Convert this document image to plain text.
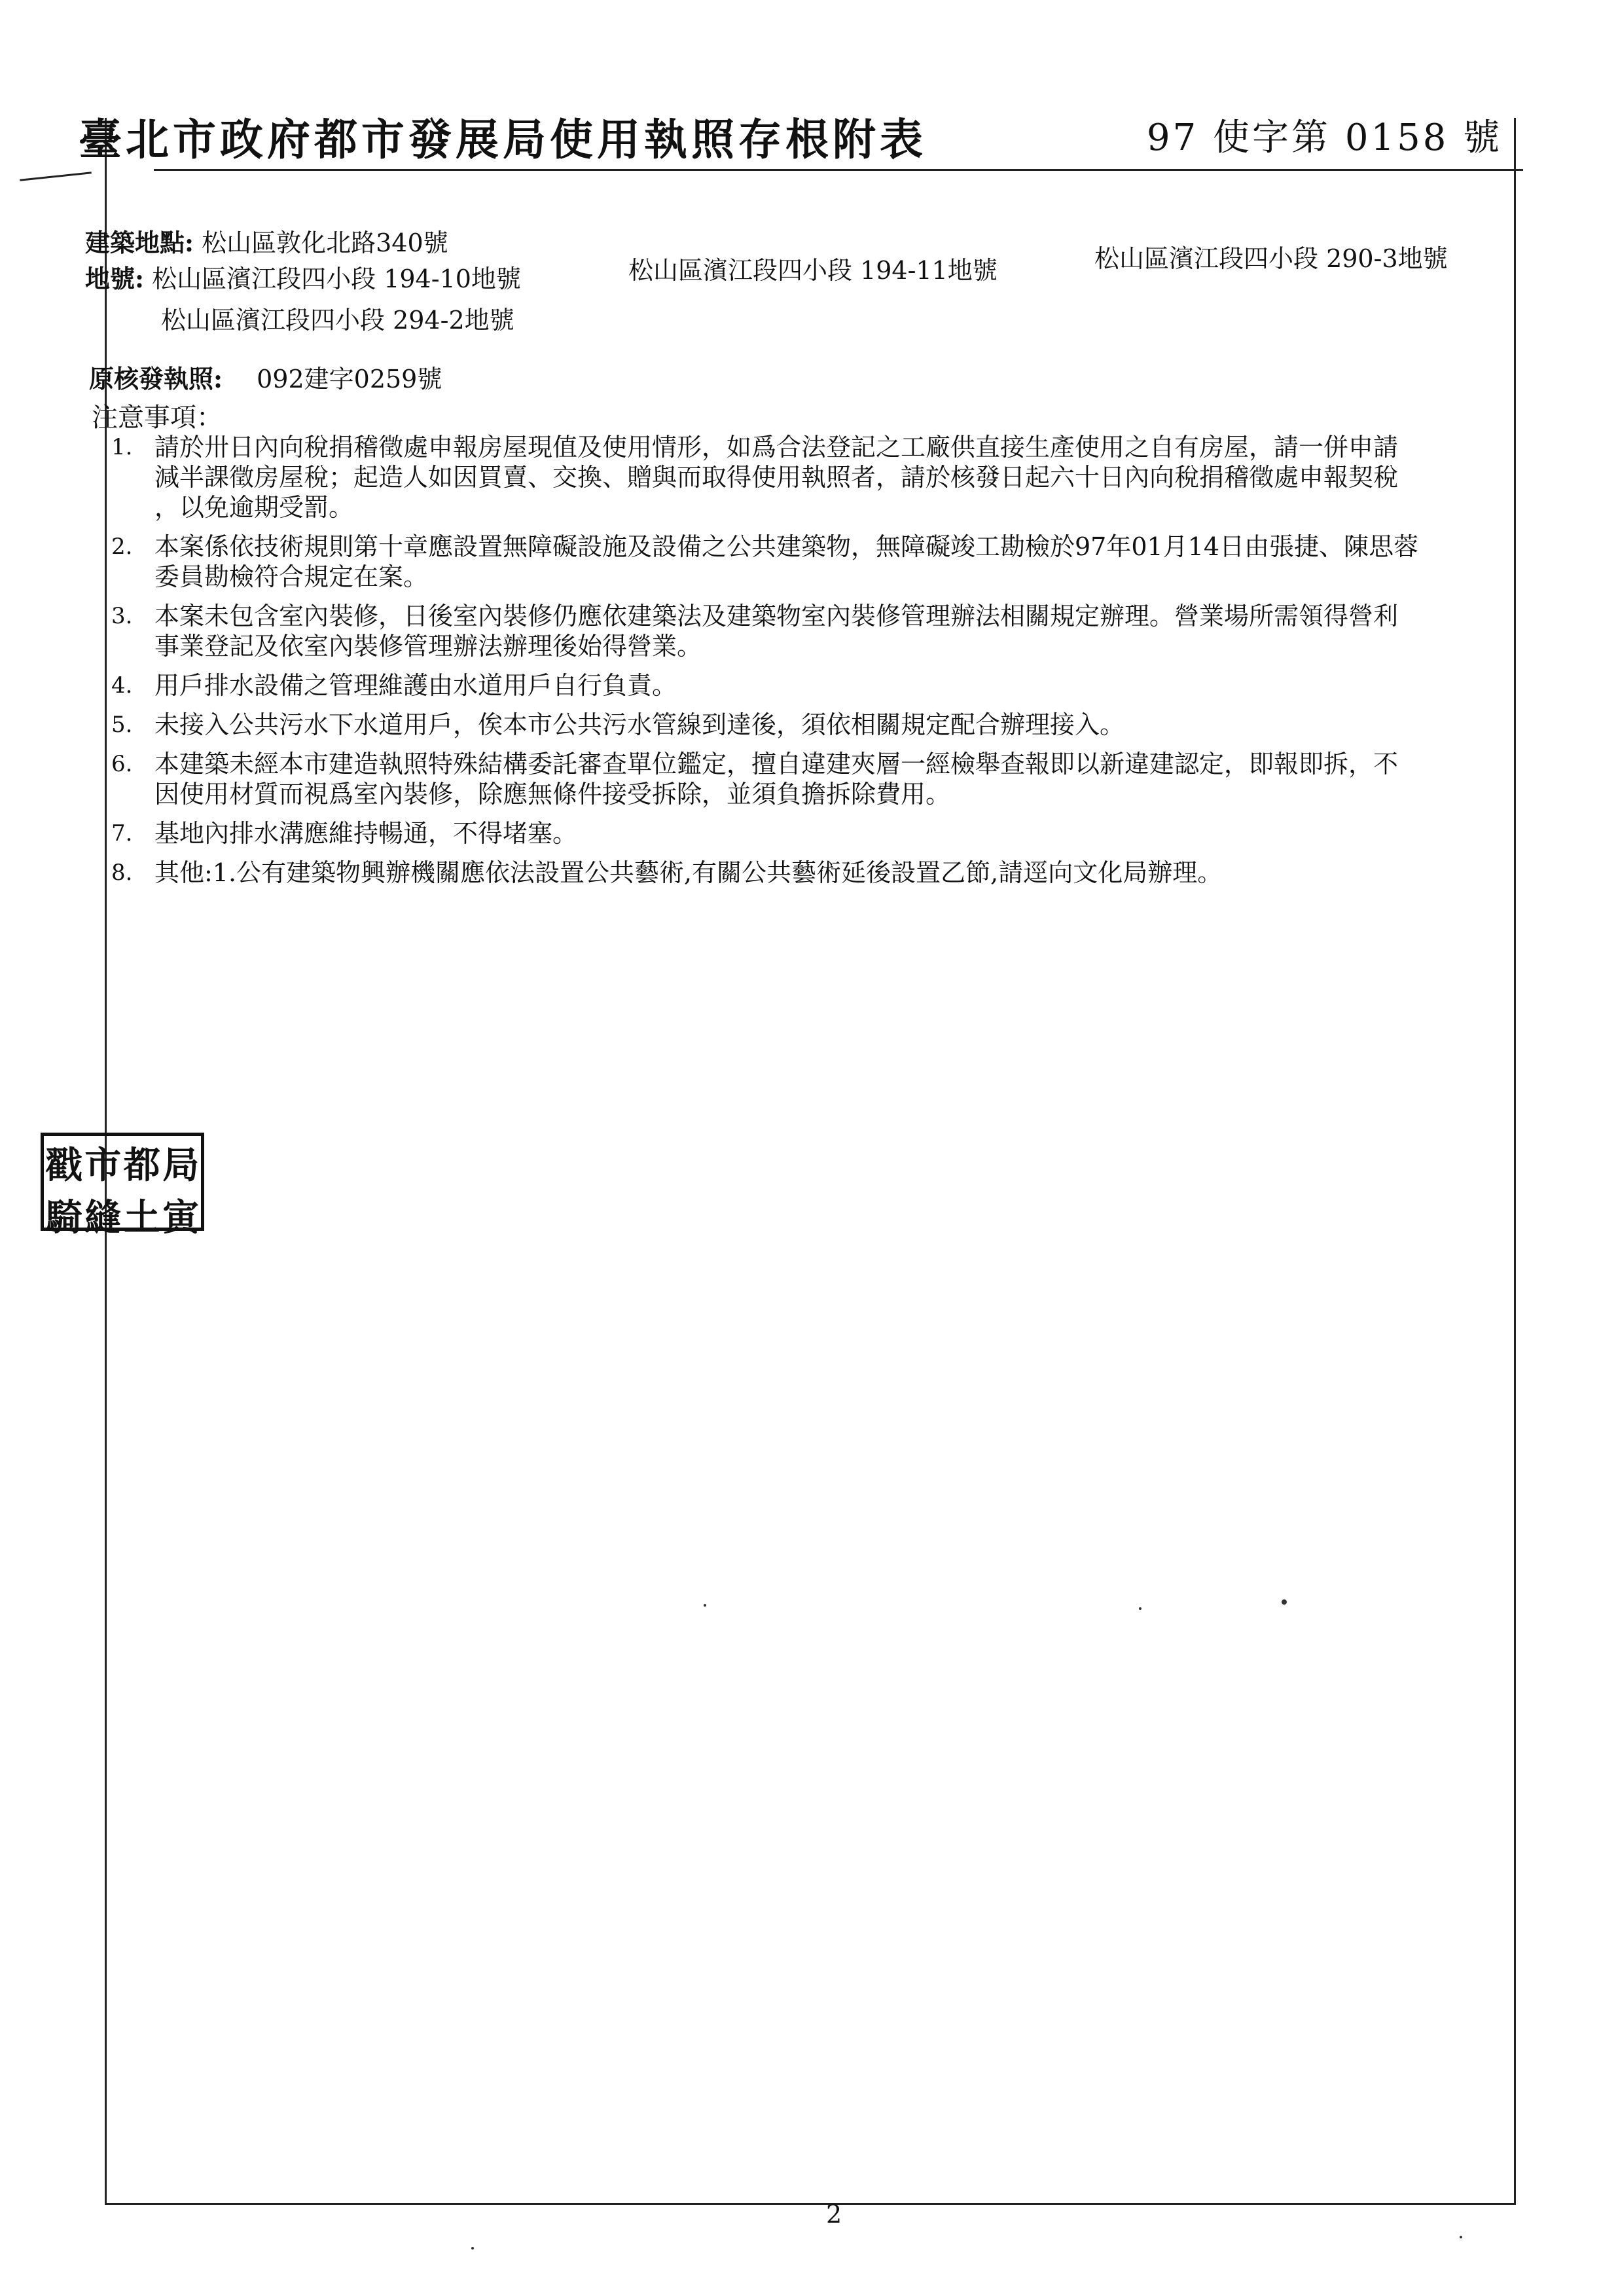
臺北市政府都市發展局使用執照存根附表	97 使字第 0158 號
建築地點: 松山區敦化北路340號
地號: 松山區濱江段四小段 194-10地號	松山區濱江段四小段 194-11地號	松山區濱江段四小段 290-3地號
松山區濱江段四小段 294-2地號
原核發執照: 092建字0259號
注意事項：
1. 請於卅日內向稅捐稽徵處申報房屋現值及使用情形，如爲合法登記之工廠供直接生產使用之自有房屋，請一併申請
減半課徵房屋稅；起造人如因買賣、交換、贈與而取得使用執照者，請於核發日起六十日內向稅捐稽徵處申報契稅
，以免逾期受罰。
2. 本案係依技術規則第十章應設置無障礙設施及設備之公共建築物，無障礙竣工勘檢於97年01月14日由張捷、陳思蓉
委員勘檢符合規定在案。
3. 本案未包含室內裝修，日後室內裝修仍應依建築法及建築物室內裝修管理辦法相關規定辦理。營業場所需領得營利
事業登記及依室內裝修管理辦法辦理後始得營業。
4. 用戶排水設備之管理維護由水道用戶自行負責。
5. 未接入公共污水下水道用戶，俟本市公共污水管線到達後，須依相關規定配合辦理接入。
6. 本建築未經本市建造執照特殊結構委託審查單位鑑定，擅自違建夾層一經檢舉查報即以新違建認定，即報即拆，不
因使用材質而視爲室內裝修，除應無條件接受拆除，並須負擔拆除費用。
7. 基地內排水溝應維持暢通，不得堵塞。
8. 其他:1.公有建築物興辦機關應依法設置公共藝術,有關公共藝術延後設置乙節,請逕向文化局辦理。
戳 市 都 局
騎 縫 土 寅
2
